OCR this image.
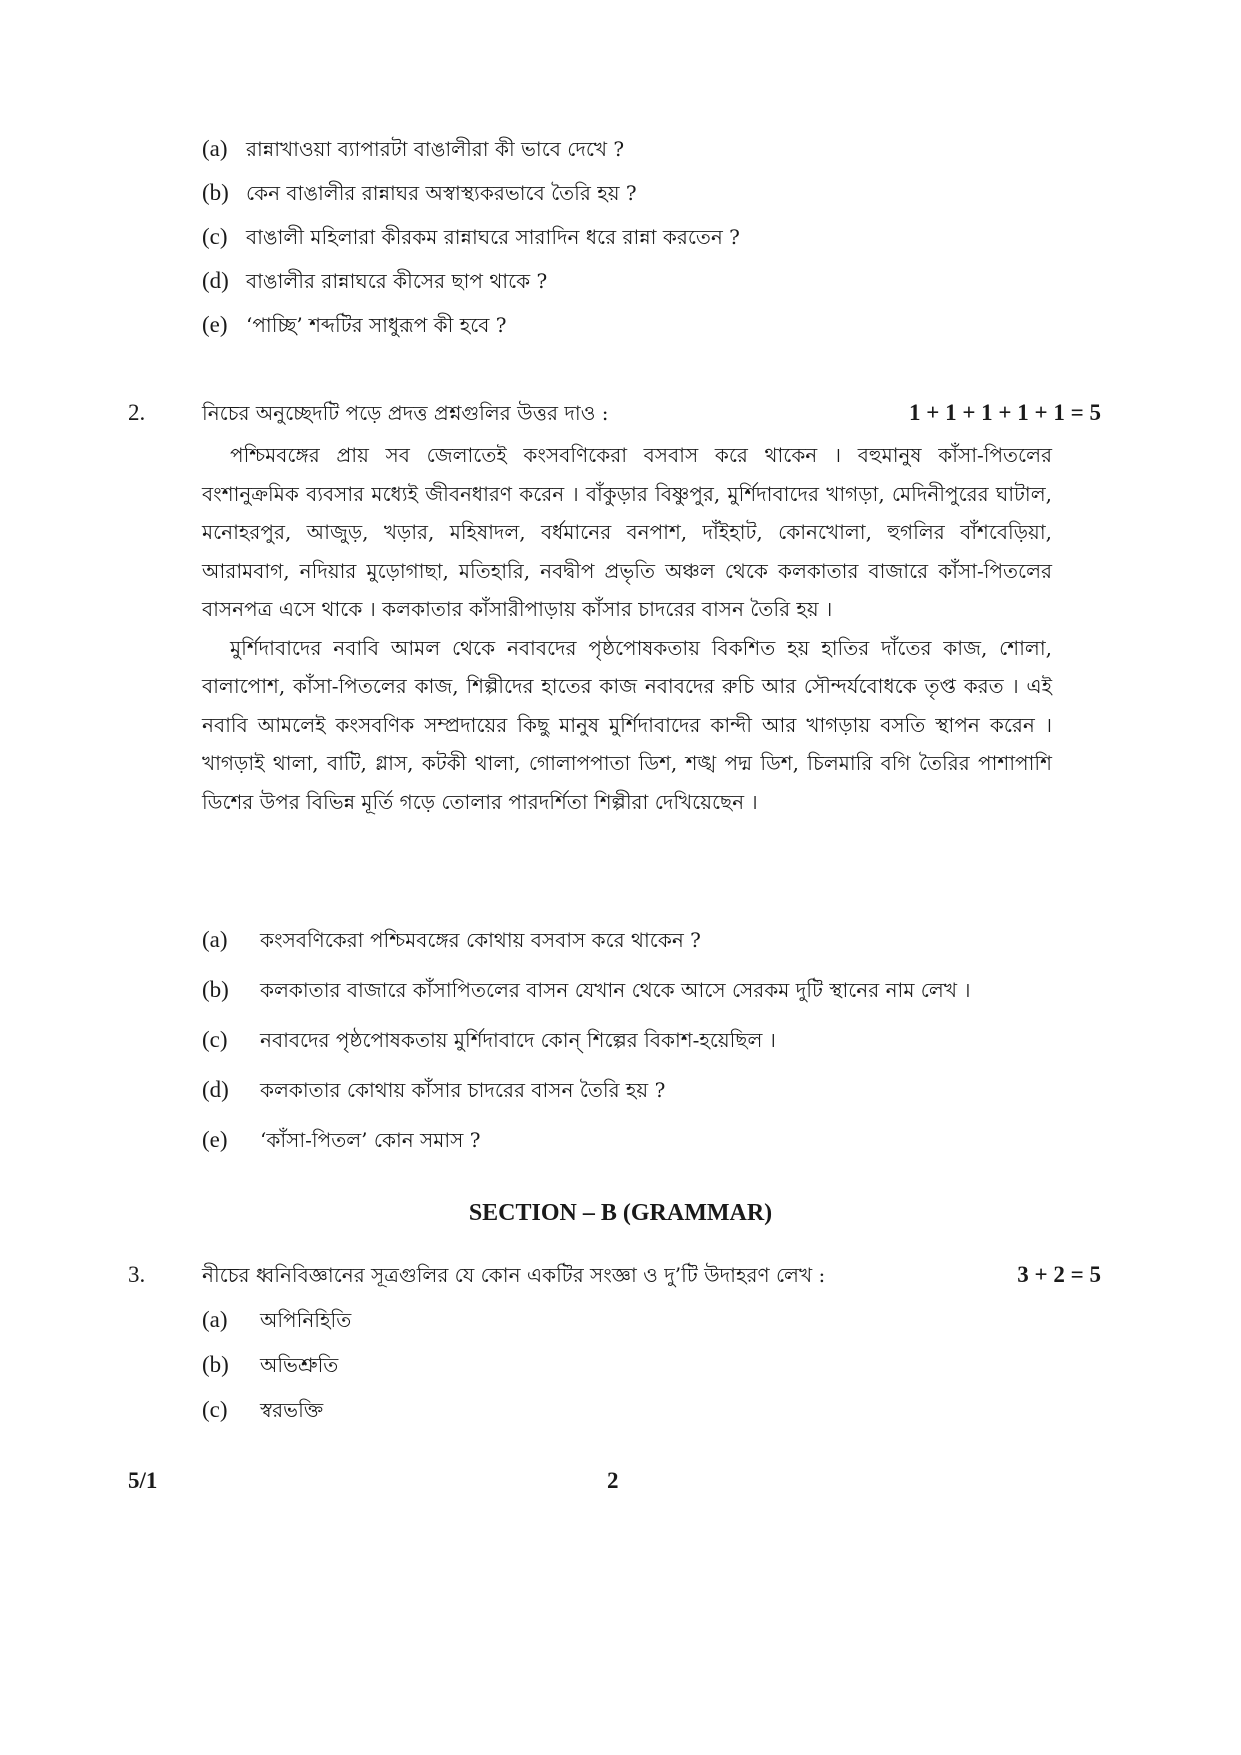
(a) রান্নাখাওয়া ব্যাপারটা বাঙালীরা কী ভাবে দেখে ?
(b) কেন বাঙালীর রান্নাঘর অস্বাস্থ্যকরভাবে তৈরি হয় ?
(c) বাঙালী মহিলারা কীরকম রান্নাঘরে সারাদিন ধরে রান্না করতেন ?
(d) বাঙালীর রান্নাঘরে কীসের ছাপ থাকে ?
(e) ‘পাচ্ছি’ শব্দটির সাধুরূপ কী হবে ?
2.	নিচের অনুচ্ছেদটি পড়ে প্রদত্ত প্রশ্নগুলির উত্তর দাও :	1 + 1 + 1 + 1 + 1 = 5

পশ্চিমবঙ্গের প্রায় সব জেলাতেই কংসবণিকেরা বসবাস করে থাকেন । বহুমানুষ কাঁসা-পিতলের বংশানুক্রমিক ব্যবসার মধ্যেই জীবনধারণ করেন । বাঁকুড়ার বিষ্ণুপুর, মুর্শিদাবাদের খাগড়া, মেদিনীপুরের ঘাটাল, মনোহরপুর, আজুড়, খড়ার, মহিষাদল, বর্ধমানের বনপাশ, দাঁইহাট, কোনখোলা, হুগলির বাঁশবেড়িয়া, আরামবাগ, নদিয়ার মুড়োগাছা, মতিহারি, নবদ্বীপ প্রভৃতি অঞ্চল থেকে কলকাতার বাজারে কাঁসা-পিতলের বাসনপত্র এসে থাকে । কলকাতার কাঁসারীপাড়ায় কাঁসার চাদরের বাসন তৈরি হয় ।

মুর্শিদাবাদের নবাবি আমল থেকে নবাবদের পৃষ্ঠপোষকতায় বিকশিত হয় হাতির দাঁতের কাজ, শোলা, বালাপোশ, কাঁসা-পিতলের কাজ, শিল্পীদের হাতের কাজ নবাবদের রুচি আর সৌন্দর্যবোধকে তৃপ্ত করত । এই নবাবি আমলেই কংসবণিক সম্প্রদায়ের কিছু মানুষ মুর্শিদাবাদের কান্দী আর খাগড়ায় বসতি স্থাপন করেন । খাগড়াই থালা, বাটি, গ্লাস, কটকী থালা, গোলাপপাতা ডিশ, শঙ্খ পদ্ম ডিশ, চিলমারি বগি তৈরির পাশাপাশি ডিশের উপর বিভিন্ন মূর্তি গড়ে তোলার পারদর্শিতা শিল্পীরা দেখিয়েছেন ।

(a) কংসবণিকেরা পশ্চিমবঙ্গের কোথায় বসবাস করে থাকেন ?
(b) কলকাতার বাজারে কাঁসাপিতলের বাসন যেখান থেকে আসে সেরকম দুটি স্থানের নাম লেখ ।
(c) নবাবদের পৃষ্ঠপোষকতায় মুর্শিদাবাদে কোন্ শিল্পের বিকাশ-হয়েছিল ।
(d) কলকাতার কোথায় কাঁসার চাদরের বাসন তৈরি হয় ?
(e) ‘কাঁসা-পিতল’ কোন সমাস ?
SECTION – B (GRAMMAR)
3.	নীচের ধ্বনিবিজ্ঞানের সূত্রগুলির যে কোন একটির সংজ্ঞা ও দু’টি উদাহরণ লেখ :	3 + 2 = 5
(a) অপিনিহিতি
(b) অভিশ্রুতি
(c) স্বরভক্তি
5/1	2
